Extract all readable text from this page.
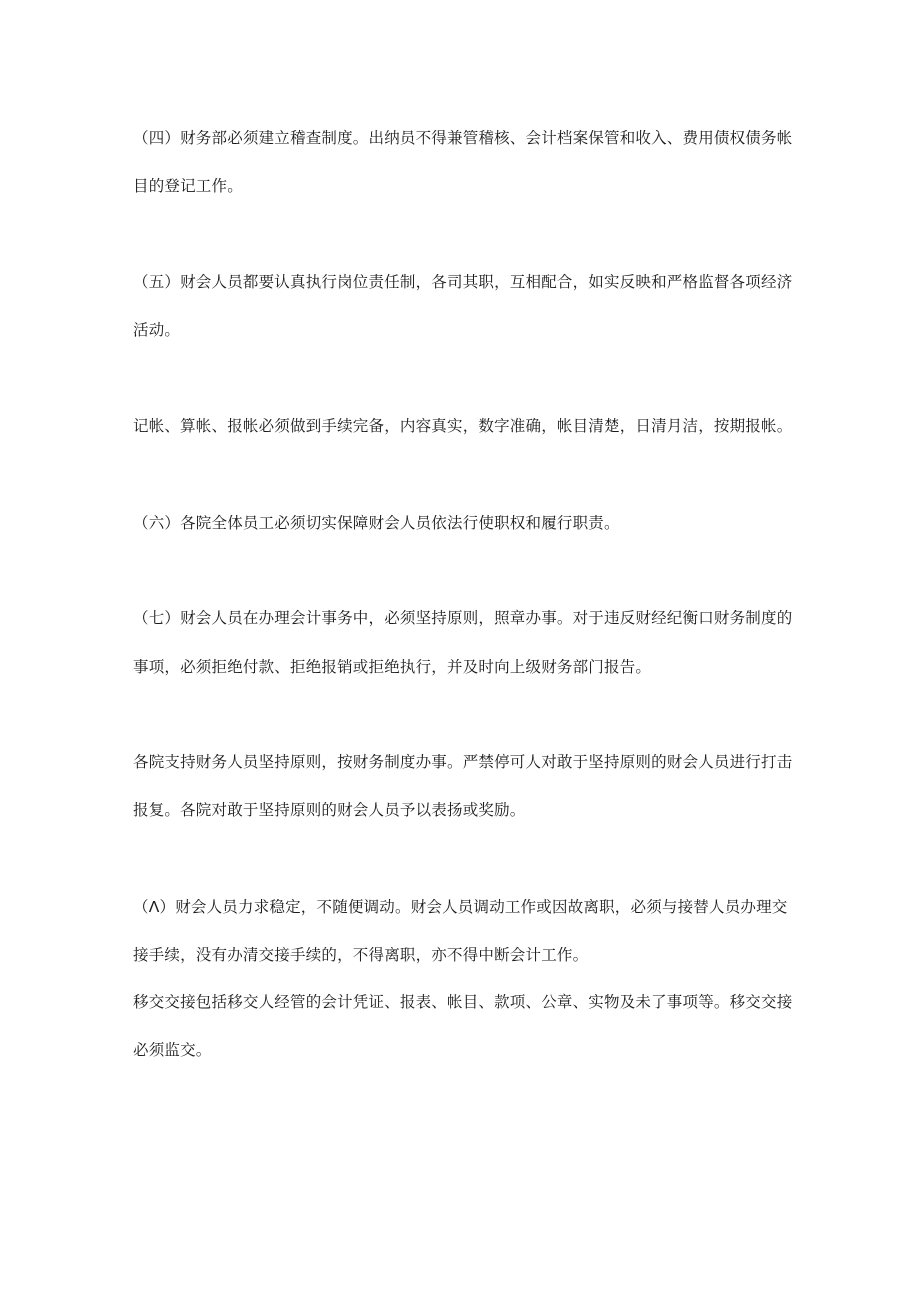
（四）财务部必须建立稽查制度。出纳员不得兼管稽核、会计档案保管和收入、费用债权债务帐
目的登记工作。
（五）财会人员都要认真执行岗位责任制，各司其职，互相配合，如实反映和严格监督各项经济
活动。
记帐、算帐、报帐必须做到手续完备，内容真实，数字准确，帐目清楚，日清月洁，按期报帐。
（六）各院全体员工必须切实保障财会人员依法行使职权和履行职责。
（七）财会人员在办理会计事务中，必须坚持原则，照章办事。对于违反财经纪衡口财务制度的
事项，必须拒绝付款、拒绝报销或拒绝执行，并及时向上级财务部门报告。
各院支持财务人员坚持原则，按财务制度办事。严禁停可人对敢于坚持原则的财会人员进行打击
报复。各院对敢于坚持原则的财会人员予以表扬或奖励。
（Λ）财会人员力求稳定，不随便调动。财会人员调动工作或因故离职，必须与接替人员办理交
接手续，没有办清交接手续的，不得离职，亦不得中断会计工作。
移交交接包括移交人经管的会计凭证、报表、帐目、款项、公章、实物及未了事项等。移交交接
必须监交。
